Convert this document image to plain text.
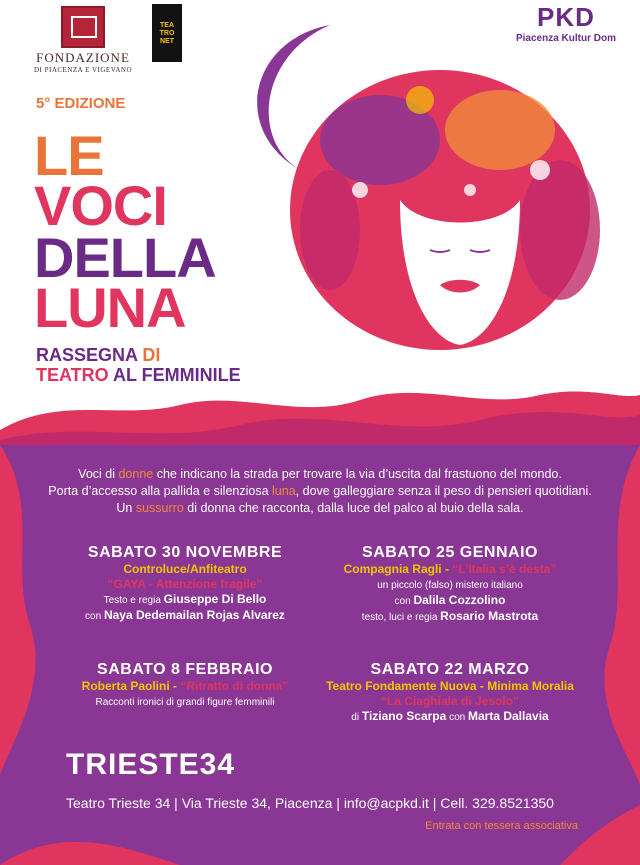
FONDAZIONE
DI PIACENZA E VIGEVANO
TEA TRO NET
PKD
Piacenza Kultur Dom
5° EDIZIONE
LE
VOCI
DELLA
LUNA
RASSEGNA DI
TEATRO AL FEMMINILE
Voci di donne che indicano la strada per trovare la via d’uscita dal frastuono del mondo.
Porta d’accesso alla pallida e silenziosa luna, dove galleggiare senza il peso di pensieri quotidiani.
Un sussurro di donna che racconta, dalla luce del palco al buio della sala.
SABATO 30 NOVEMBRE
Controluce/Anfiteatro
“GAYA - Attenzione fragile”
Testo e regia Giuseppe Di Bello
con Naya Dedemailan Rojas Alvarez
SABATO 25 GENNAIO
Compagnia Ragli - “L’Italia s’è desta”
un piccolo (falso) mistero italiano
con Dalila Cozzolino
testo, luci e regia Rosario Mastrota
SABATO 8 FEBBRAIO
Roberta Paolini - “Ritratto di donna”
Racconti ironici di grandi figure femminili
SABATO 22 MARZO
Teatro Fondamente Nuova - Minima Moralia
“La Ciaghiala di Jesolo”
di Tiziano Scarpa con Marta Dallavia
TRIESTE34
Teatro Trieste 34 | Via Trieste 34, Piacenza | info@acpkd.it | Cell. 329.8521350
Entrata con tessera associativa
